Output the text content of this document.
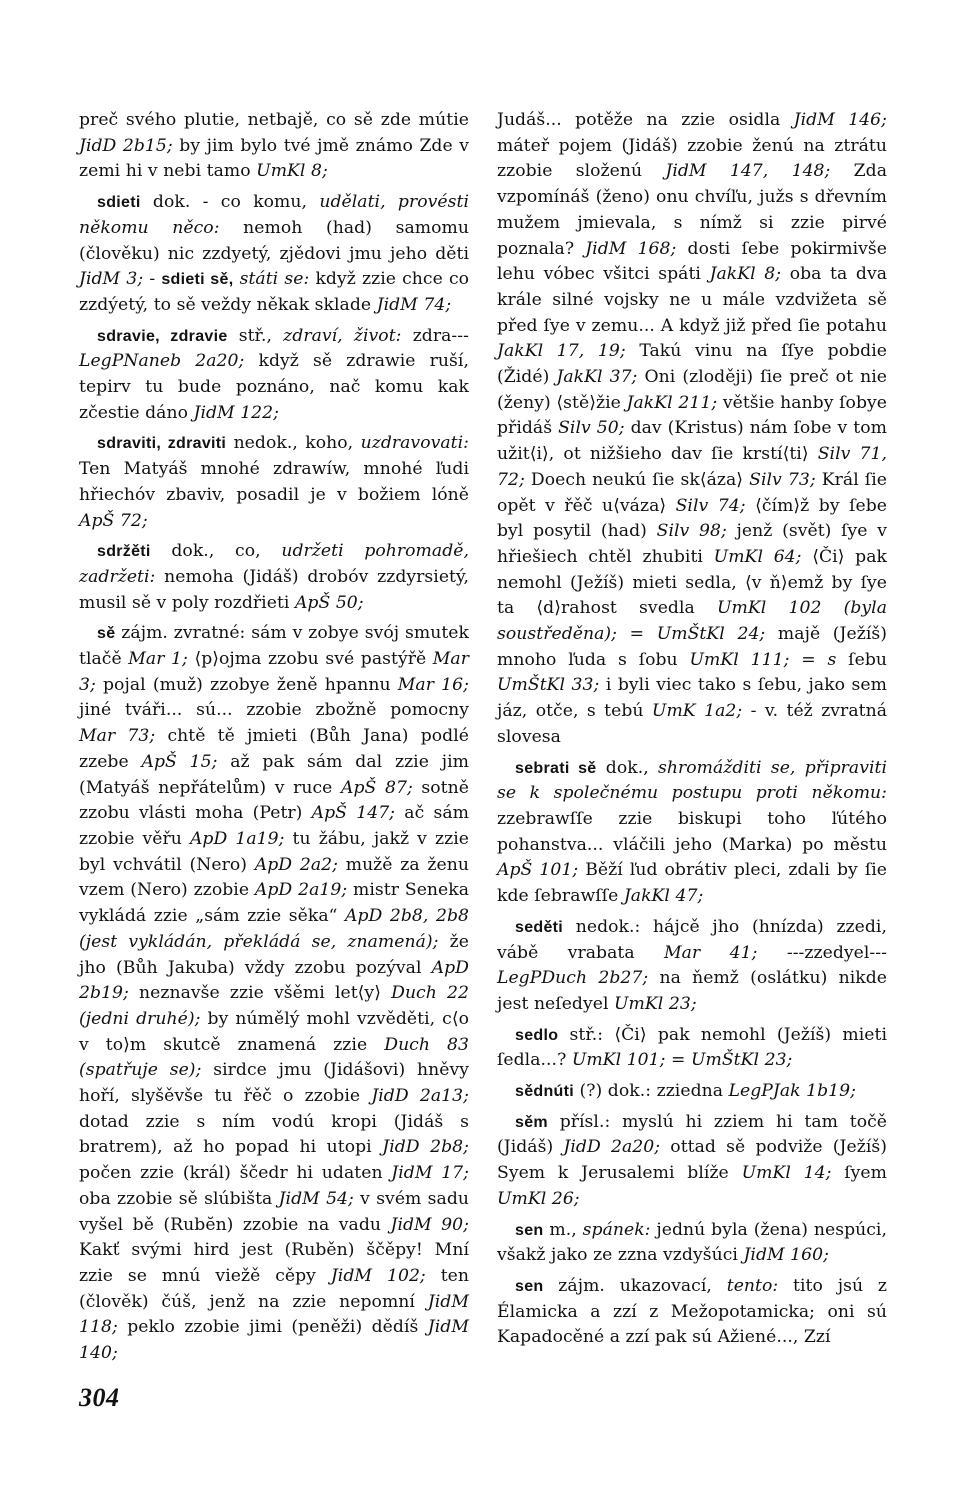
preč svého plutie, netbajě, co sě zde mútie JidD 2b15; by jim bylo tvé jmě známo Zde v zemi hi v nebi tamo UmKl 8;

sdieti dok. - co komu, udělati, provésti někomu něco: nemoh (had) samomu (člověku) nic zzdyetý, zjědovi jmu jeho děti JidM 3; - sdieti sě, státi se: když zzie chce co zzdýetý, to sě veždy někak sklade JidM 74;

sdravie, zdravie stř., zdraví, život: zdra--- LegPNaneb 2a20; když sě zdrawie ruší, tepirv tu bude poznáno, nač komu kak zčestie dáno JidM 122;

sdraviti, zdraviti nedok., koho, uzdravovati: Ten Matyáš mnohé zdrawíw, mnohé ľudi hřiechóv zbaviv, posadil je v božiem lóně ApŠ 72;

sdržěti dok., co, udržeti pohromadě, zadržeti: nemoha (Jidáš) drobóv zzdyrsietý, musil sě v poly rozdřieti ApŠ 50;

sě zájm. zvratné: sám v zobye svój smutek tlačě Mar 1; ⟨p⟩ojma zzobu své pastýřě Mar 3; pojal (muž) zzobye ženě hpannu Mar 16; jiné tváři... sú... zzobie zbožně pomocny Mar 73; chtě tě jmieti (Bůh Jana) podlé zzebe ApŠ 15; až pak sám dal zzie jim (Matyáš nepřátelům) v ruce ApŠ 87; sotně zzobu vlásti moha (Petr) ApŠ 147; ač sám zzobie věřu ApD 1a19; tu žábu, jakž v zzie byl vchvátil (Nero) ApD 2a2; mužě za ženu vzem (Nero) zzobie ApD 2a19; mistr Seneka vykládá zzie „sám zzie sěka“ ApD 2b8, 2b8 (jest vykládán, překládá se, znamená); že jho (Bůh Jakuba) vždy zzobu pozýval ApD 2b19; neznavše zzie všěmi let⟨y⟩ Duch 22 (jedni druhé); by númělý mohl vzvěděti, c⟨o v to⟩m skutcě znamená zzie Duch 83 (spatřuje se); sirdce jmu (Jidášovi) hněvy hoří, slyšěvše tu řěč o zzobie JidD 2a13; dotad zzie s ním vodú kropi (Jidáš s bratrem), až ho popad hi utopi JidD 2b8; počen zzie (král) ščedr hi udaten JidM 17; oba zzobie sě slúbišta JidM 54; v svém sadu vyšel bě (Rubĕn) zzobie na vadu JidM 90; Kakť svými hird jest (Ruběn) ščěpy! Mní zzie se mnú viežě cěpy JidM 102; ten (člověk) čúš, jenž na zzie nepomní JidM 118; peklo zzobie jimi (peněži) dědíš JidM 140;

Judáš... potěže na zzie osidla JidM 146; máteř pojem (Jidáš) zzobie ženú na ztrátu zzobie složenú JidM 147, 148; Zda vzpomínáš (ženo) onu chvíľu, južs s dřevním mužem jmievala, s nímž si zzie pirvé poznala? JidM 168; dosti ſebe pokirmivše lehu vóbec všitci spáti JakKl 8; oba ta dva krále silné vojsky ne u mále vzdvižeta sě před ſye v zemu... A když již před ſie potahu JakKl 17, 19; Takú vinu na ſſye pobdie (Židé) JakKl 37; Oni (zloději) ſie preč ot nie (ženy) ⟨stě⟩žie JakKl 211; většie hanby ſobye přidáš Silv 50; dav (Kristus) nám ſobe v tom užit⟨i⟩, ot nižšieho dav ſie krstí⟨ti⟩ Silv 71, 72; Doech neukú ſie sk⟨áza⟩ Silv 73; Král ſie opět v řěč u⟨váza⟩ Silv 74; ⟨čím⟩ž by ſebe byl posytil (had) Silv 98; jenž (svět) ſye v hřiešiech chtěl zhubiti UmKl 64; ⟨Či⟩ pak nemohl (Ježíš) mieti sedla, ⟨v ň⟩emž by ſye ta ⟨d⟩rahost svedla UmKl 102 (byla soustředěna); = UmŠtKl 24; majě (Ježíš) mnoho ľuda s ſobu UmKl 111; = s ſebu UmŠtKl 33; i byli viec tako s ſebu, jako sem jáz, otče, s tebú UmK 1a2; - v. též zvratná slovesa

sebrati sě dok., shromážditi se, připraviti se k společnému postupu proti někomu: zzebrawſſe zzie biskupi toho ľútého pohanstva... vláčili jeho (Marka) po městu ApŠ 101; Běží ľud obrátiv pleci, zdali by ſie kde ſebrawſſe JakKl 47;

seděti nedok.: hájcě jho (hnízda) zzedi, vábě vrabata Mar 41; ---zzedyel--- LegPDuch 2b27; na ňemž (oslátku) nikde jest neſedyel UmKl 23;

sedlo stř.: ⟨Či⟩ pak nemohl (Ježíš) mieti ſedla...? UmKl 101; = UmŠtKl 23;

sědnúti (?) dok.: zziedna LegPJak 1b19;

sěm přísl.: myslú hi zziem hi tam točě (Jidáš) JidD 2a20; ottad sě podviže (Ježíš) Syem k Jerusalemi blíže UmKl 14; ſyem UmKl 26;

sen m., spánek: jednú byla (žena) nespúci, všakž jako ze zzna vzdyšúci JidM 160;

sen zájm. ukazovací, tento: tito jsú z Élamicka a zzí z Mežopotamicka; oni sú Kapadocěné a zzí pak sú Ažiené..., Zzí

304
